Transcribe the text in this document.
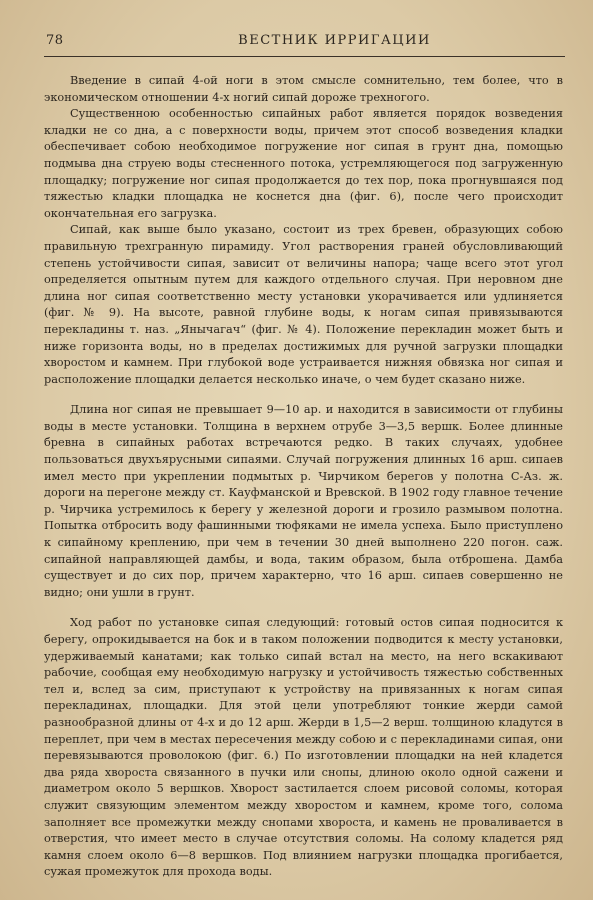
78	ВЕСТНИК ИРРИГАЦИИ

Введение в сипай 4-ой ноги в этом смысле сомнительно, тем более, что в экономическом отношении 4-х ногий сипай дороже трехногого.

Существенною особенностью сипайных работ является порядок возведения кладки не со дна, а с поверхности воды, причем этот способ возведения кладки обеспечивает собою необходимое погружение ног сипая в грунт дна, помощью подмыва дна струею воды стесненного потока, устремляющегося под загруженную площадку; погружение ног сипая продолжается до тех пор, пока прогнувшаяся под тяжестью кладки площадка не коснется дна (фиг. 6), после чего происходит окончательная его загрузка.

Сипай, как выше было указано, состоит из трех бревен, образующих собою правильную трехгранную пирамиду. Угол растворения граней обусловливающий степень устойчивости сипая, зависит от величины напора; чаще всего этот угол определяется опытным путем для каждого отдельного случая. При неровном дне длина ног сипая соответственно месту установки укорачивается или удлиняется (фиг. № 9). На высоте, равной глубине воды, к ногам сипая привязываются перекладины т. наз. „Янычагач“ (фиг. № 4). Положение перекладин может быть и ниже горизонта воды, но в пределах достижимых для ручной загрузки площадки хворостом и камнем. При глубокой воде устраивается нижняя обвязка ног сипая и расположение площадки делается несколько иначе, о чем будет сказано ниже.

Длина ног сипая не превышает 9—10 ар. и находится в зависимости от глубины воды в месте установки. Толщина в верхнем отрубе 3—3,5 вершк. Более длинные бревна в сипайных работах встречаются редко. В таких случаях, удобнее пользоваться двухъярусными сипаями. Случай погружения длинных 16 арш. сипаев имел место при укреплении подмытых р. Чирчиком берегов у полотна С-Аз. ж. дороги на перегоне между ст. Кауфманской и Вревской. В 1902 году главное течение р. Чирчика устремилось к берегу у железной дороги и грозило размывом полотна. Попытка отбросить воду фашинными тюфяками не имела успеха. Было приступлено к сипайному креплению, при чем в течении 30 дней выполнено 220 погон. саж. сипайной направляющей дамбы, и вода, таким образом, была отброшена. Дамба существует и до сих пор, причем характерно, что 16 арш. сипаев совершенно не видно; они ушли в грунт.

Ход работ по установке сипая следующий: готовый остов сипая подносится к берегу, опрокидывается на бок и в таком положении подводится к месту установки, удерживаемый канатами; как только сипай встал на место, на него вскакивают рабочие, сообщая ему необходимую нагрузку и устойчивость тяжестью собственных тел и, вслед за сим, приступают к устройству на привязанных к ногам сипая перекладинах, площадки. Для этой цели употребляют тонкие жерди самой разнообразной длины от 4-х и до 12 арш. Жерди в 1,5—2 верш. толщиною кладутся в переплет, при чем в местах пересечения между собою и с перекладинами сипая, они перевязываются проволокою (фиг. 6.) По изготовлении площадки на ней кладется два ряда хвороста связанного в пучки или снопы, длиною около одной сажени и диаметром около 5 вершков. Хворост застилается слоем рисовой соломы, которая служит связующим элементом между хворостом и камнем, кроме того, солома заполняет все промежутки между снопами хвороста, и камень не проваливается в отверстия, что имеет место в случае отсутствия соломы. На солому кладется ряд камня слоем около 6—8 вершков. Под влиянием нагрузки площадка прогибается, сужая промежуток для прохода воды.
